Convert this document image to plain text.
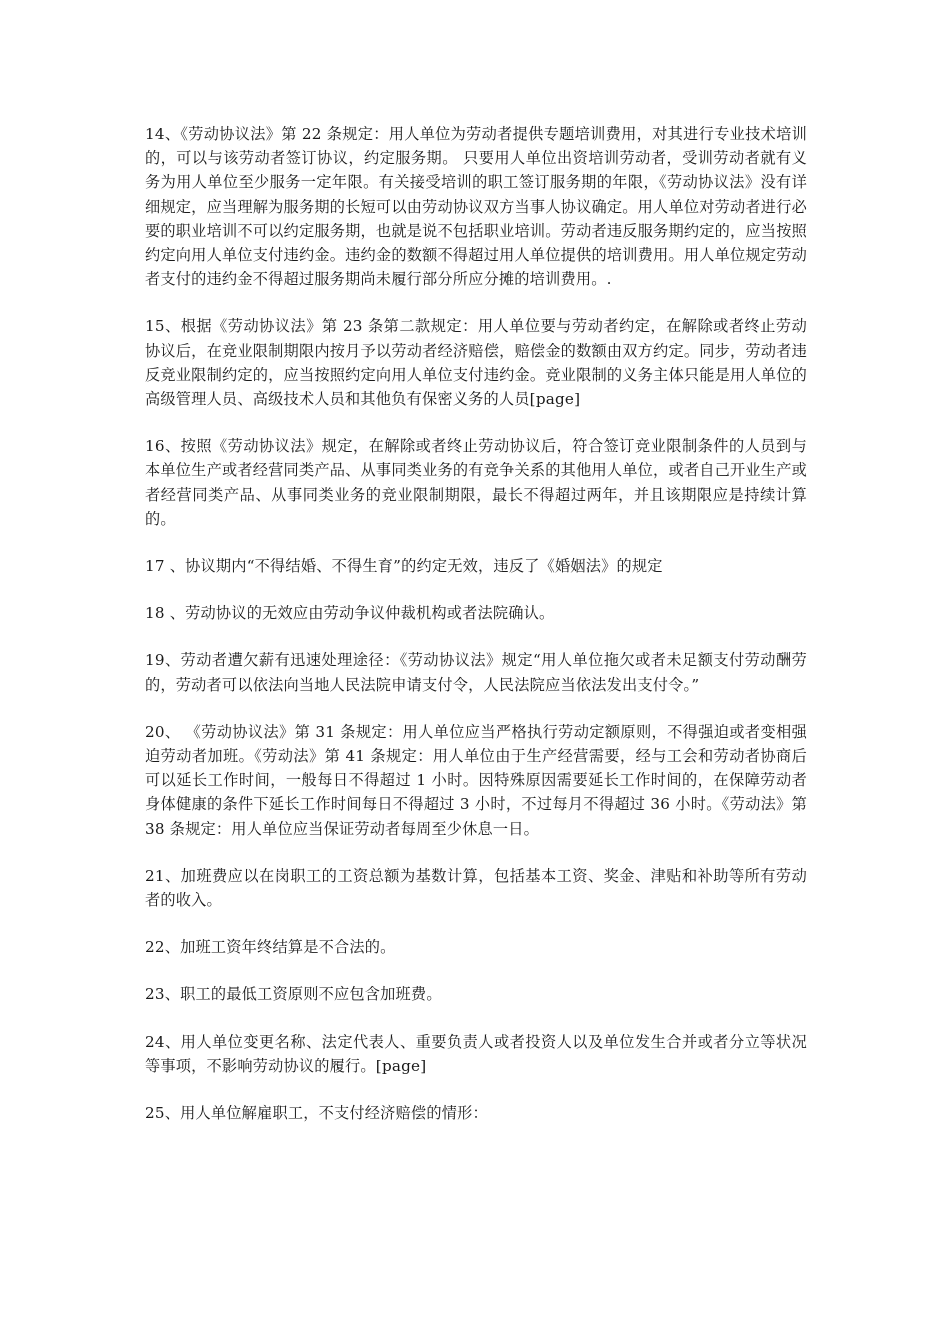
14、《劳动协议法》第 22 条规定：用人单位为劳动者提供专题培训费用，对其进行专业技术培训的，可以与该劳动者签订协议，约定服务期。 只要用人单位出资培训劳动者，受训劳动者就有义务为用人单位至少服务一定年限。有关接受培训的职工签订服务期的年限，《劳动协议法》没有详细规定，应当理解为服务期的长短可以由劳动协议双方当事人协议确定。用人单位对劳动者进行必要的职业培训不可以约定服务期，也就是说不包括职业培训。劳动者违反服务期约定的，应当按照约定向用人单位支付违约金。违约金的数额不得超过用人单位提供的培训费用。用人单位规定劳动者支付的违约金不得超过服务期尚未履行部分所应分摊的培训费用。.

15、根据《劳动协议法》第 23 条第二款规定：用人单位要与劳动者约定，在解除或者终止劳动协议后，在竞业限制期限内按月予以劳动者经济赔偿，赔偿金的数额由双方约定。同步，劳动者违反竞业限制约定的，应当按照约定向用人单位支付违约金。竞业限制的义务主体只能是用人单位的高级管理人员、高级技术人员和其他负有保密义务的人员[page]

16、按照《劳动协议法》规定，在解除或者终止劳动协议后，符合签订竞业限制条件的人员到与本单位生产或者经营同类产品、从事同类业务的有竞争关系的其他用人单位，或者自己开业生产或者经营同类产品、从事同类业务的竞业限制期限，最长不得超过两年，并且该期限应是持续计算的。

17 、协议期内“不得结婚、不得生育”的约定无效，违反了《婚姻法》的规定

18 、劳动协议的无效应由劳动争议仲裁机构或者法院确认。

19、劳动者遭欠薪有迅速处理途径：《劳动协议法》规定“用人单位拖欠或者未足额支付劳动酬劳的，劳动者可以依法向当地人民法院申请支付令，人民法院应当依法发出支付令。”

20、 《劳动协议法》第 31 条规定：用人单位应当严格执行劳动定额原则，不得强迫或者变相强迫劳动者加班。《劳动法》第 41 条规定：用人单位由于生产经营需要，经与工会和劳动者协商后可以延长工作时间，一般每日不得超过 1 小时。因特殊原因需要延长工作时间的，在保障劳动者身体健康的条件下延长工作时间每日不得超过 3 小时，不过每月不得超过 36 小时。《劳动法》第 38 条规定：用人单位应当保证劳动者每周至少休息一日。

21、加班费应以在岗职工的工资总额为基数计算，包括基本工资、奖金、津贴和补助等所有劳动者的收入。

22、加班工资年终结算是不合法的。

23、职工的最低工资原则不应包含加班费。

24、用人单位变更名称、法定代表人、重要负责人或者投资人以及单位发生合并或者分立等状况等事项，不影响劳动协议的履行。[page]

25、用人单位解雇职工，不支付经济赔偿的情形：
